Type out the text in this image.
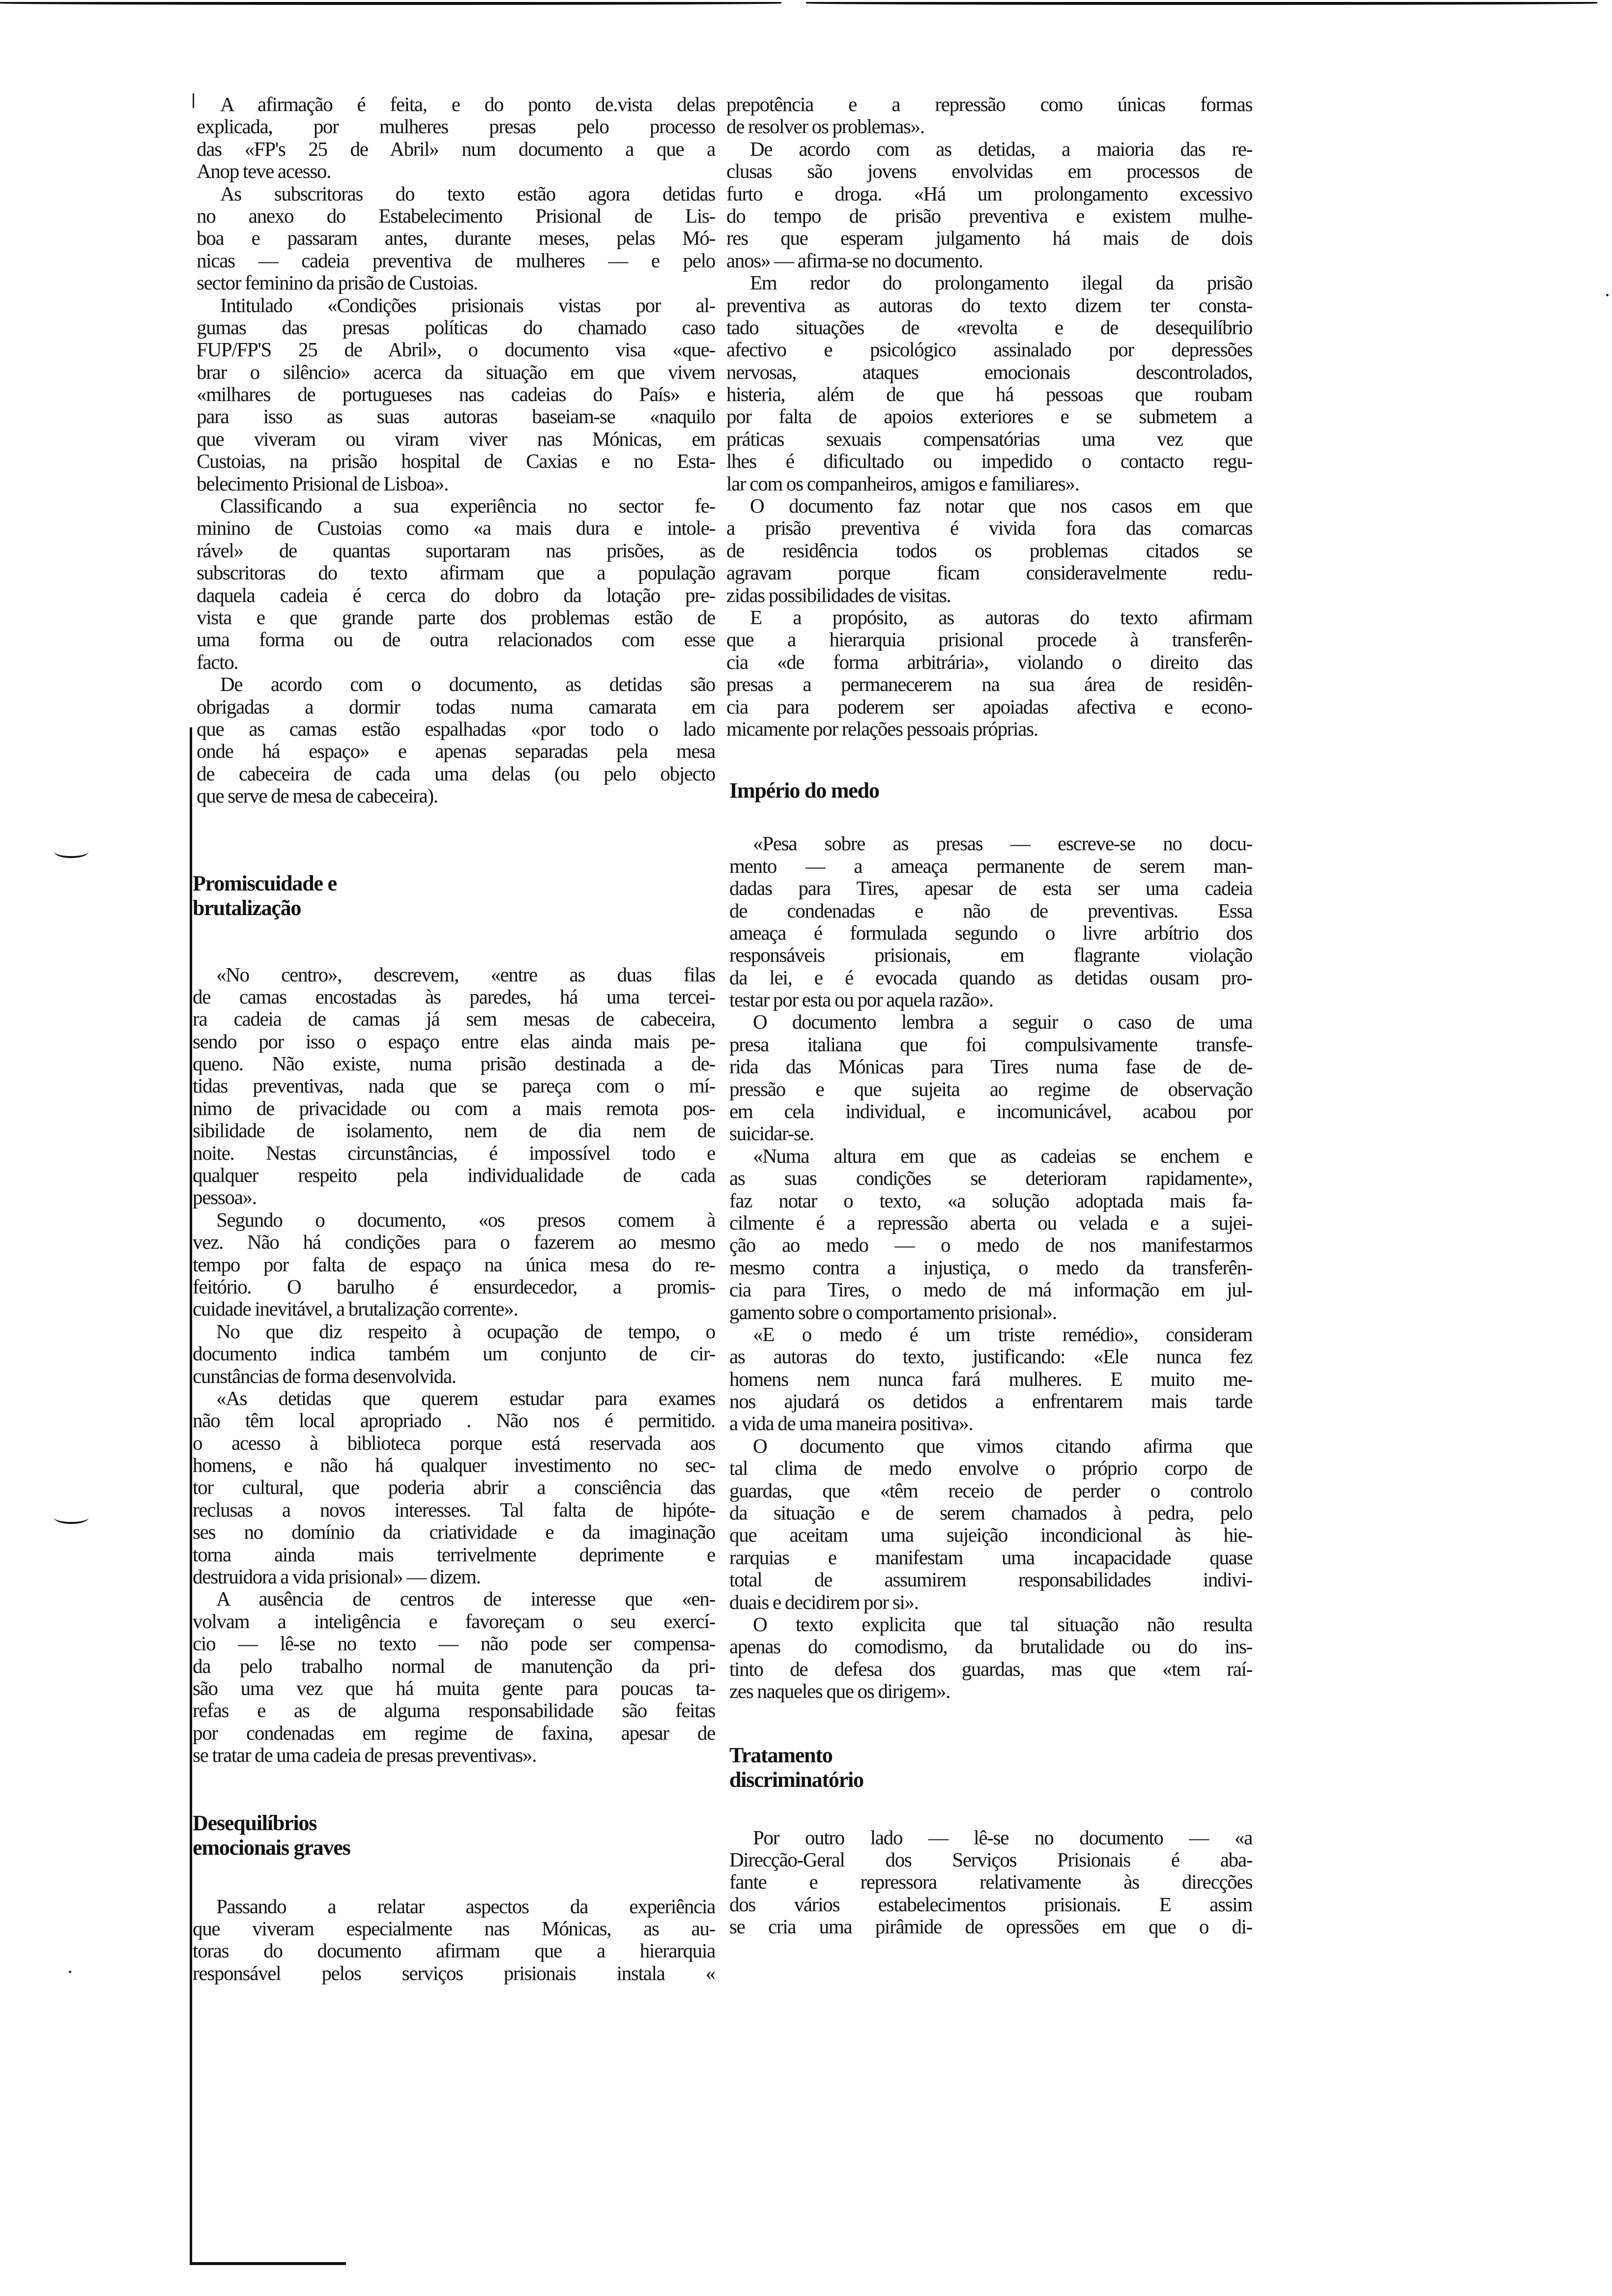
A afirmação é feita, e do ponto de.vista delas
explicada, por mulheres presas pelo processo
das «FP's 25 de Abril» num documento a que a
Anop teve acesso.
As subscritoras do texto estão agora detidas
no anexo do Estabelecimento Prisional de Lis-
boa e passaram antes, durante meses, pelas Mó-
nicas — cadeia preventiva de mulheres — e pelo
sector feminino da prisão de Custoias.
Intitulado «Condições prisionais vistas por al-
gumas das presas políticas do chamado caso
FUP/FP'S 25 de Abril», o documento visa «que-
brar o silêncio» acerca da situação em que vivem
«milhares de portugueses nas cadeias do País» e
para isso as suas autoras baseiam-se «naquilo
que viveram ou viram viver nas Mónicas, em
Custoias, na prisão hospital de Caxias e no Esta-
belecimento Prisional de Lisboa».
Classificando a sua experiência no sector fe-
minino de Custoias como «a mais dura e intole-
rável» de quantas suportaram nas prisões, as
subscritoras do texto afirmam que a população
daquela cadeia é cerca do dobro da lotação pre-
vista e que grande parte dos problemas estão de
uma forma ou de outra relacionados com esse
facto.
De acordo com o documento, as detidas são
obrigadas a dormir todas numa camarata em
que as camas estão espalhadas «por todo o lado
onde há espaço» e apenas separadas pela mesa
de cabeceira de cada uma delas (ou pelo objecto
que serve de mesa de cabeceira).
Promiscuidade e
brutalização
«No centro», descrevem, «entre as duas filas
de camas encostadas às paredes, há uma tercei-
ra cadeia de camas já sem mesas de cabeceira,
sendo por isso o espaço entre elas ainda mais pe-
queno. Não existe, numa prisão destinada a de-
tidas preventivas, nada que se pareça com o mí-
nimo de privacidade ou com a mais remota pos-
sibilidade de isolamento, nem de dia nem de
noite. Nestas circunstâncias, é impossível todo e
qualquer respeito pela individualidade de cada
pessoa».
Segundo o documento, «os presos comem à
vez. Não há condições para o fazerem ao mesmo
tempo por falta de espaço na única mesa do re-
feitório. O barulho é ensurdecedor, a promis-
cuidade inevitável, a brutalização corrente».
No que diz respeito à ocupação de tempo, o
documento indica também um conjunto de cir-
cunstâncias de forma desenvolvida.
«As detidas que querem estudar para exames
não têm local apropriado . Não nos é permitido.
o acesso à biblioteca porque está reservada aos
homens, e não há qualquer investimento no sec-
tor cultural, que poderia abrir a consciência das
reclusas a novos interesses. Tal falta de hipóte-
ses no domínio da criatividade e da imaginação
torna ainda mais terrivelmente deprimente e
destruidora a vida prisional» — dizem.
A ausência de centros de interesse que «en-
volvam a inteligência e favoreçam o seu exercí-
cio — lê-se no texto — não pode ser compensa-
da pelo trabalho normal de manutenção da pri-
são uma vez que há muita gente para poucas ta-
refas e as de alguma responsabilidade são feitas
por condenadas em regime de faxina, apesar de
se tratar de uma cadeia de presas preventivas».
Desequilíbrios
emocionais graves
Passando a relatar aspectos da experiência
que viveram especialmente nas Mónicas, as au-
toras do documento afirmam que a hierarquia
responsável pelos serviços prisionais instala «
prepotência e a repressão como únicas formas
de resolver os problemas».
De acordo com as detidas, a maioria das re-
clusas são jovens envolvidas em processos de
furto e droga. «Há um prolongamento excessivo
do tempo de prisão preventiva e existem mulhe-
res que esperam julgamento há mais de dois
anos» — afirma-se no documento.
Em redor do prolongamento ilegal da prisão
preventiva as autoras do texto dizem ter consta-
tado situações de «revolta e de desequilíbrio
afectivo e psicológico assinalado por depressões
nervosas, ataques emocionais descontrolados,
histeria, além de que há pessoas que roubam
por falta de apoios exteriores e se submetem a
práticas sexuais compensatórias uma vez que
lhes é dificultado ou impedido o contacto regu-
lar com os companheiros, amigos e familiares».
O documento faz notar que nos casos em que
a prisão preventiva é vivida fora das comarcas
de residência todos os problemas citados se
agravam porque ficam consideravelmente redu-
zidas possibilidades de visitas.
E a propósito, as autoras do texto afirmam
que a hierarquia prisional procede à transferên-
cia «de forma arbitrária», violando o direito das
presas a permanecerem na sua área de residên-
cia para poderem ser apoiadas afectiva e econo-
micamente por relações pessoais próprias.
Império do medo
«Pesa sobre as presas — escreve-se no docu-
mento — a ameaça permanente de serem man-
dadas para Tires, apesar de esta ser uma cadeia
de condenadas e não de preventivas. Essa
ameaça é formulada segundo o livre arbítrio dos
responsáveis prisionais, em flagrante violação
da lei, e é evocada quando as detidas ousam pro-
testar por esta ou por aquela razão».
O documento lembra a seguir o caso de uma
presa italiana que foi compulsivamente transfe-
rida das Mónicas para Tires numa fase de de-
pressão e que sujeita ao regime de observação
em cela individual, e incomunicável, acabou por
suicidar-se.
«Numa altura em que as cadeias se enchem e
as suas condições se deterioram rapidamente»,
faz notar o texto, «a solução adoptada mais fa-
cilmente é a repressão aberta ou velada e a sujei-
ção ao medo — o medo de nos manifestarmos
mesmo contra a injustiça, o medo da transferên-
cia para Tires, o medo de má informação em jul-
gamento sobre o comportamento prisional».
«E o medo é um triste remédio», consideram
as autoras do texto, justificando: «Ele nunca fez
homens nem nunca fará mulheres. E muito me-
nos ajudará os detidos a enfrentarem mais tarde
a vida de uma maneira positiva».
O documento que vimos citando afirma que
tal clima de medo envolve o próprio corpo de
guardas, que «têm receio de perder o controlo
da situação e de serem chamados à pedra, pelo
que aceitam uma sujeição incondicional às hie-
rarquias e manifestam uma incapacidade quase
total de assumirem responsabilidades indivi-
duais e decidirem por si».
O texto explicita que tal situação não resulta
apenas do comodismo, da brutalidade ou do ins-
tinto de defesa dos guardas, mas que «tem raí-
zes naqueles que os dirigem».
Tratamento
discriminatório
Por outro lado — lê-se no documento — «a
Direcção-Geral dos Serviços Prisionais é aba-
fante e repressora relativamente às direcções
dos vários estabelecimentos prisionais. E assim
se cria uma pirâmide de opressões em que o di-
